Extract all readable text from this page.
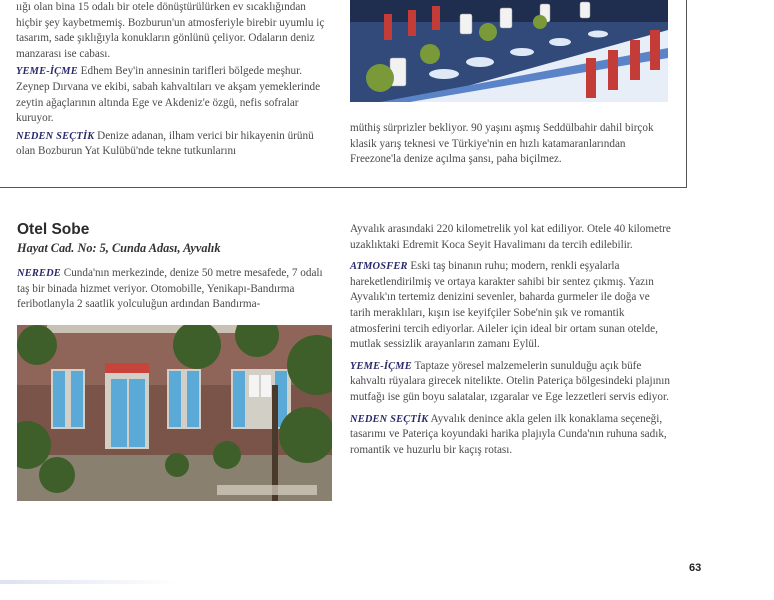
ıığı olan bina 15 odalı bir otele dönüştürülürken ev sıcaklığından hiçbir şey kaybetmemiş. Bozburun'un atmosferiyle birebir uyumlu iç tasarım, sade şıklığıyla konukların gönlünü çeliyor. Odaların deniz manzarası ise cabası.

YEME-İÇME Edhem Bey'in annesinin tarifleri bölgede meşhur. Zeynep Dırvana ve ekibi, sabah kahvaltıları ve akşam yemeklerinde zeytin ağaçlarının altında Ege ve Akdeniz'e özgü, nefis sofralar kuruyor.

NEDEN SEÇTİK Denize adanan, ilham verici bir hikayenin ürünü olan Bozburun Yat Kulübü'nde tekne tutkunlarını

müthiş sürprizler bekliyor. 90 yaşını aşmış Seddülbahir dahil birçok klasik yarış teknesi ve Türkiye'nin en hızlı katamaranlarından Freezone'la denize açılma şansı, paha biçilmez.

Otel Sobe
Hayat Cad. No: 5, Cunda Adası, Ayvalık

NEREDE Cunda'nın merkezinde, denize 50 metre mesafede, 7 odalı taş bir binada hizmet veriyor. Otomobille, Yenikapı-Bandırma feribotlanyla 2 saatlik yolculuğun ardından Bandırma-

Ayvalık arasındaki 220 kilometrelik yol kat ediliyor. Otele 40 kilometre uzaklıktaki Edremit Koca Seyit Havalimanı da tercih edilebilir.

ATMOSFER Eski taş binanın ruhu; modern, renkli eşyalarla hareketlendirilmiş ve ortaya karakter sahibi bir sentez çıkmış. Yazın Ayvalık'ın tertemiz denizini sevenler, baharda gurmeler ile doğa ve tarih meraklıları, kışın ise keyifçiler Sobe'nin şık ve romantik atmosferini tercih ediyorlar. Aileler için ideal bir ortam sunan otelde, mutlak sessizlik arayanların zamanı Eylül.

YEME-İÇME Taptaze yöresel malzemelerin sunulduğu açık büfe kahvaltı rüyalara girecek nitelikte. Otelin Pateriça bölgesindeki plajının mutfağı ise gün boyu salatalar, ızgaralar ve Ege lezzetleri servis ediyor.

NEDEN SEÇTİK Ayvalık denince akla gelen ilk konaklama seçeneği, tasarımı ve Pateriça koyundaki harika plajıyla Cunda'nın ruhuna sadık, romantik ve huzurlu bir kaçış rotası.

63
